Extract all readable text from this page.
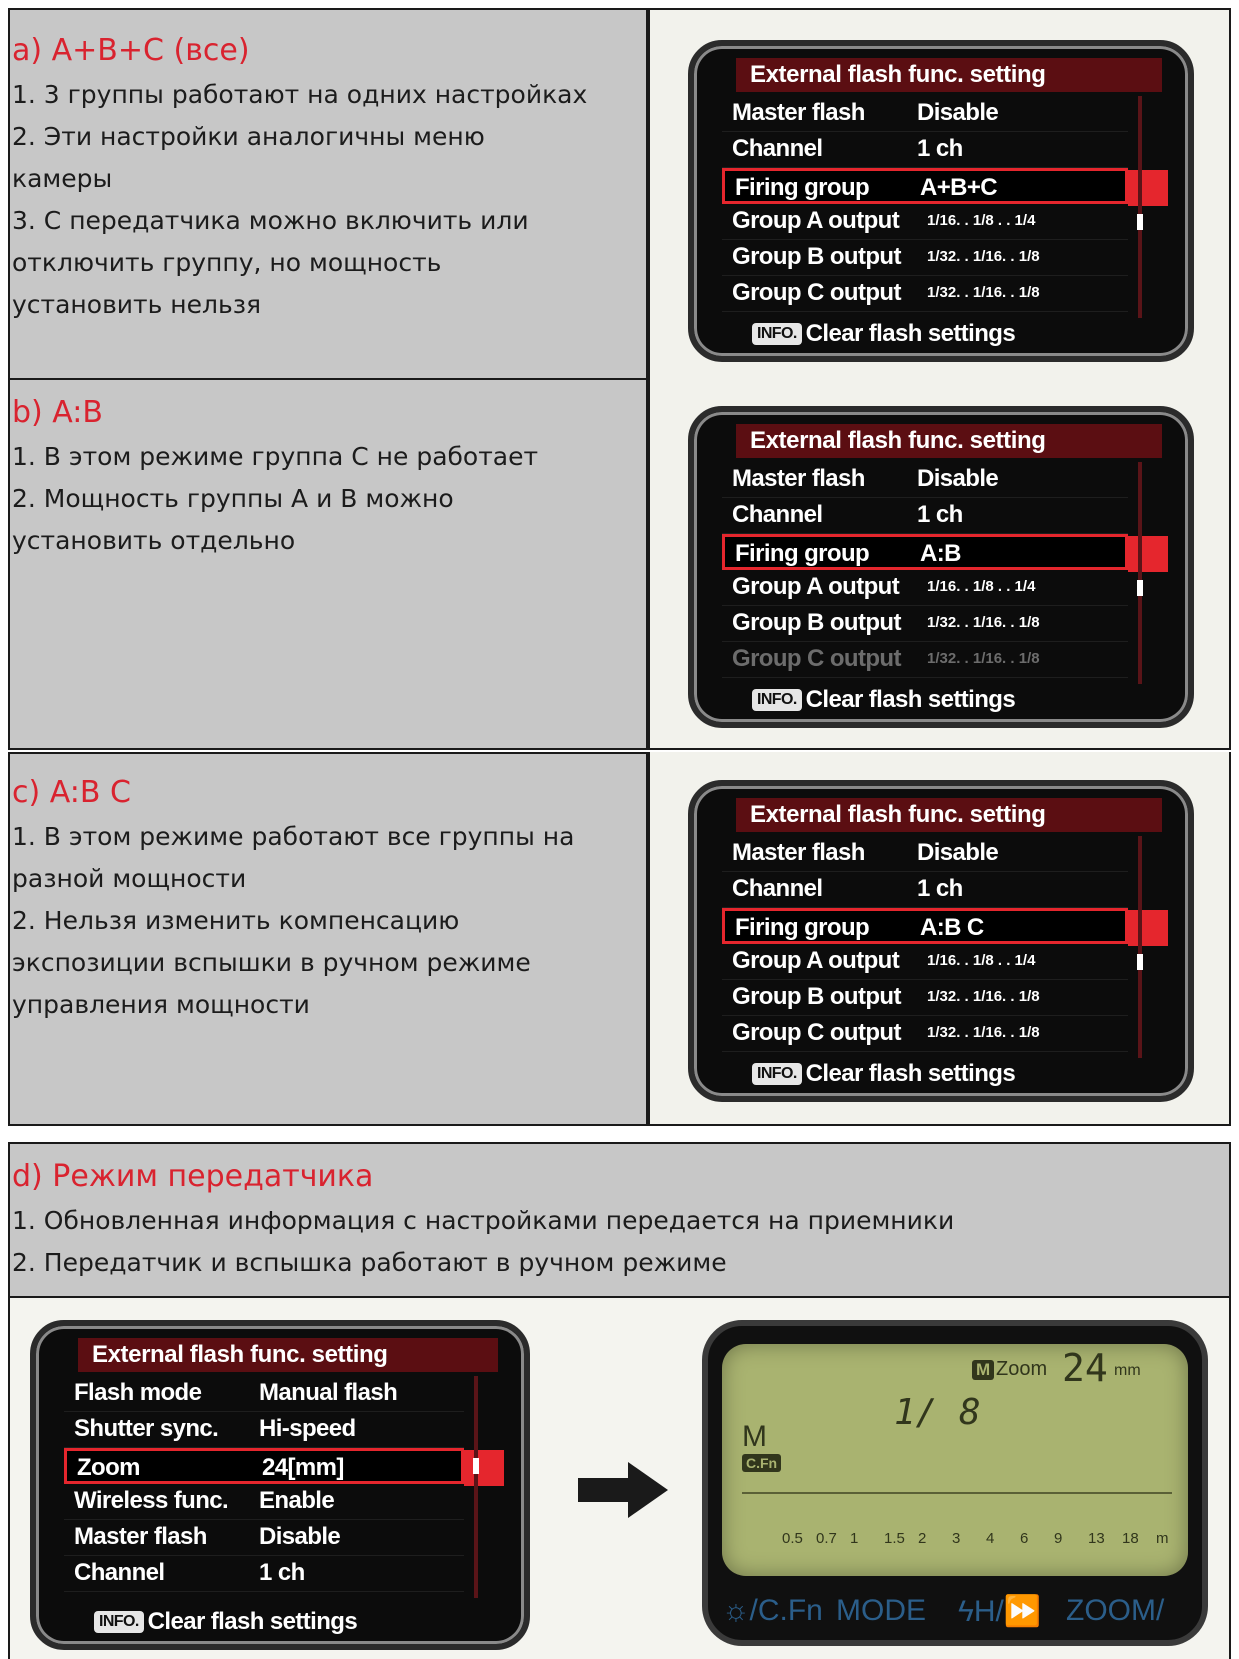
a) A+B+C (все)
1. 3 группы работают на одних настройках
2. Эти настройки аналогичны меню
камеры
3. С передатчика можно включить или
отключить группу, но мощность
установить нельзя
b) A:B
1. В этом режиме группа C не работает
2. Мощность группы A и B можно
установить отдельно
c) A:B C
1. В этом режиме работают все группы на
разной мощности
2. Нельзя изменить компенсацию
экспозиции вспышки в ручном режиме
управления мощности
d) Режим передатчика
1. Обновленная информация с настройками передается на приемники
2. Передатчик и вспышка работают в ручном режиме
External flash func. setting
Master flash Disable
Channel	1 ch
Firing group A+B+C
Group A output 1/16. . 1/8 . . 1/4
Group B output 1/32. . 1/16. . 1/8
Group C output 1/32. . 1/16. . 1/8
INFO. Clear flash settings
External flash func. setting
Master flash Disable
Channel	1 ch
Firing group A:B
Group A output 1/16. . 1/8 . . 1/4
Group B output 1/32. . 1/16. . 1/8
Group C output 1/32. . 1/16. . 1/8
INFO. Clear flash settings
External flash func. setting
Master flash Disable
Channel	1 ch
Firing group A:B C
Group A output 1/16. . 1/8 . . 1/4
Group B output 1/32. . 1/16. . 1/8
Group C output 1/32. . 1/16. . 1/8
INFO. Clear flash settings
External flash func. setting
Flash mode Manual flash
Shutter sync. Hi-speed
Zoom	24[mm]
Wireless func. Enable
Master flash Disable
Channel	1 ch
INFO. Clear flash settings
M Zoom 24 mm
1/ 8
M
C.Fn
0.5 0.7 1 1.5 2 3 4 6 9 13 18 m
☼/C.Fn MODE ϟH/⏩ ZOOM/
